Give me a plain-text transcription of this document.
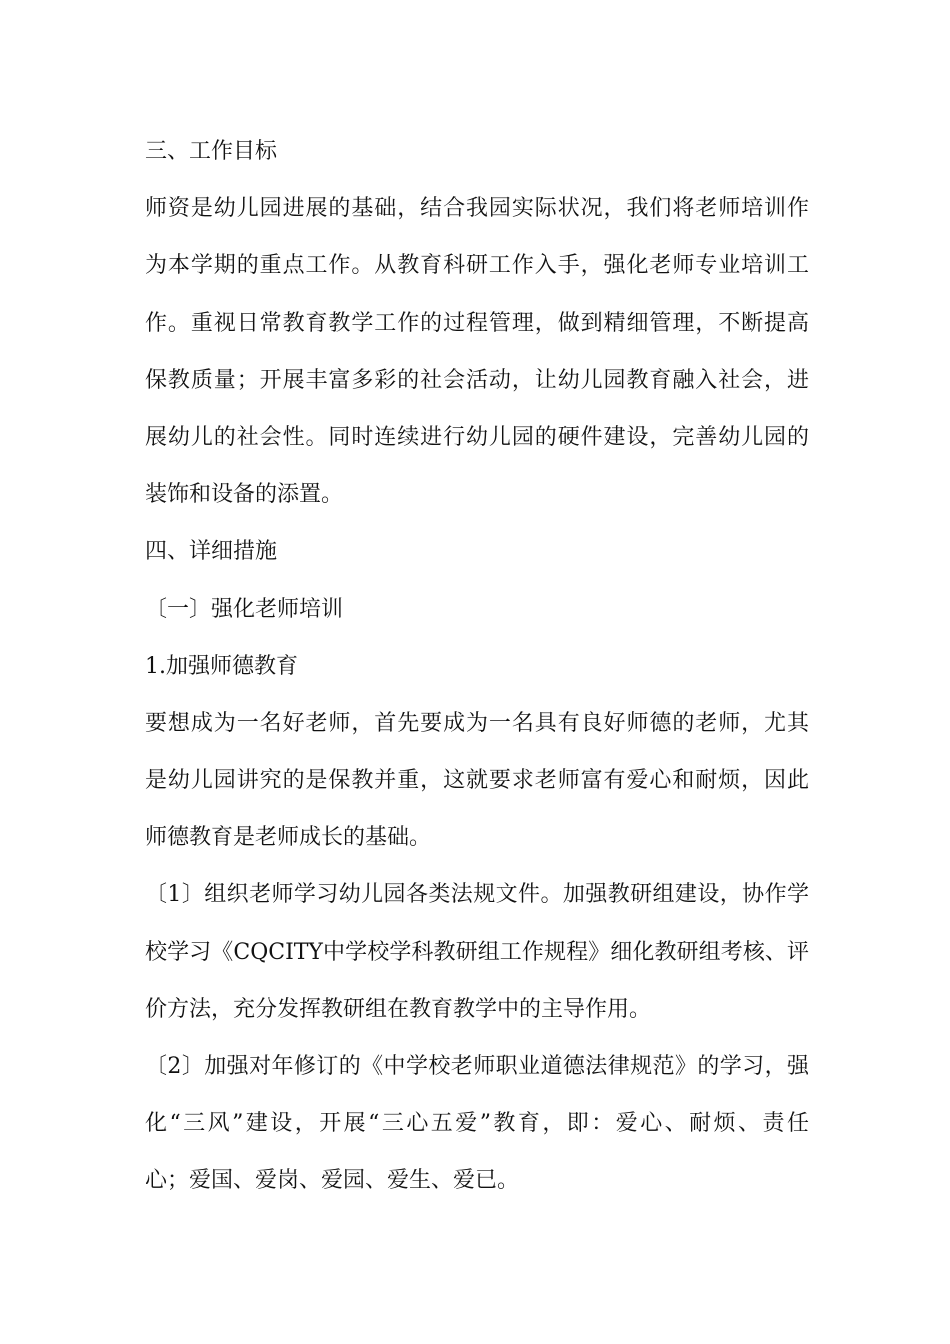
三、工作目标
师资是幼儿园进展的基础，结合我园实际状况，我们将老师培训作
为本学期的重点工作。从教育科研工作入手，强化老师专业培训工
作。重视日常教育教学工作的过程管理，做到精细管理，不断提高
保教质量；开展丰富多彩的社会活动，让幼儿园教育融入社会，进
展幼儿的社会性。同时连续进行幼儿园的硬件建设，完善幼儿园的
装饰和设备的添置。
四、详细措施
〔一〕强化老师培训
1.加强师德教育
要想成为一名好老师，首先要成为一名具有良好师德的老师，尤其
是幼儿园讲究的是保教并重，这就要求老师富有爱心和耐烦，因此
师德教育是老师成长的基础。
〔1〕组织老师学习幼儿园各类法规文件。加强教研组建设，协作学
校学习《CQCITY中学校学科教研组工作规程》细化教研组考核、评
价方法，充分发挥教研组在教育教学中的主导作用。
〔2〕加强对年修订的《中学校老师职业道德法律规范》的学习，强
化“三风”建设，开展“三心五爱”教育，即：爱心、耐烦、责任
心；爱国、爱岗、爱园、爱生、爱已。
